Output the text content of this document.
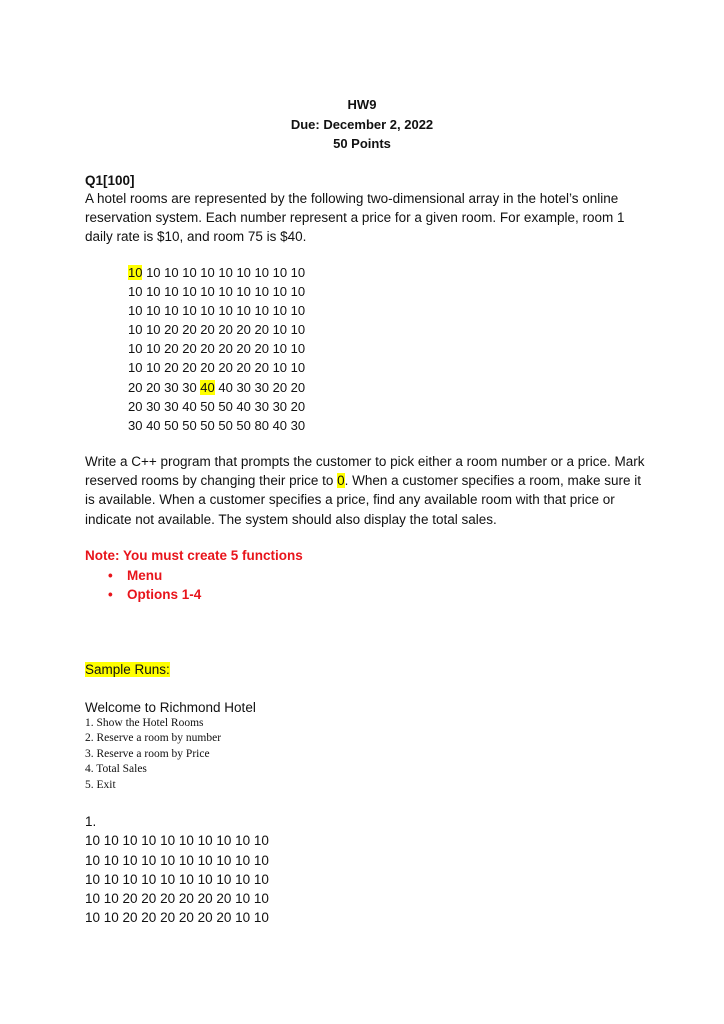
HW9
Due: December 2, 2022
50 Points
Q1[100]
A hotel rooms are represented by the following two-dimensional array in the hotel’s online reservation system. Each number represent a price for a given room. For example, room 1 daily rate is $10, and room 75 is $40.
10 10 10 10 10 10 10 10 10 10
10 10 10 10 10 10 10 10 10 10
10 10 10 10 10 10 10 10 10 10
10 10 20 20 20 20 20 20 10 10
10 10 20 20 20 20 20 20 10 10
10 10 20 20 20 20 20 20 10 10
20 20 30 30 40 40 30 30 20 20
20 30 30 40 50 50 40 30 30 20
30 40 50 50 50 50 50 80 40 30
Write a C++ program that prompts the customer to pick either a room number or a price. Mark reserved rooms by changing their price to 0. When a customer specifies a room, make sure it is available. When a customer specifies a price, find any available room with that price or indicate not available. The system should also display the total sales.
Note: You must create 5 functions
• Menu
• Options 1-4
Sample Runs:
Welcome to Richmond Hotel
1. Show the Hotel Rooms
2. Reserve a room by number
3. Reserve a room by Price
4. Total Sales
5. Exit
1.
10 10 10 10 10 10 10 10 10 10
10 10 10 10 10 10 10 10 10 10
10 10 10 10 10 10 10 10 10 10
10 10 20 20 20 20 20 20 10 10
10 10 20 20 20 20 20 20 10 10
